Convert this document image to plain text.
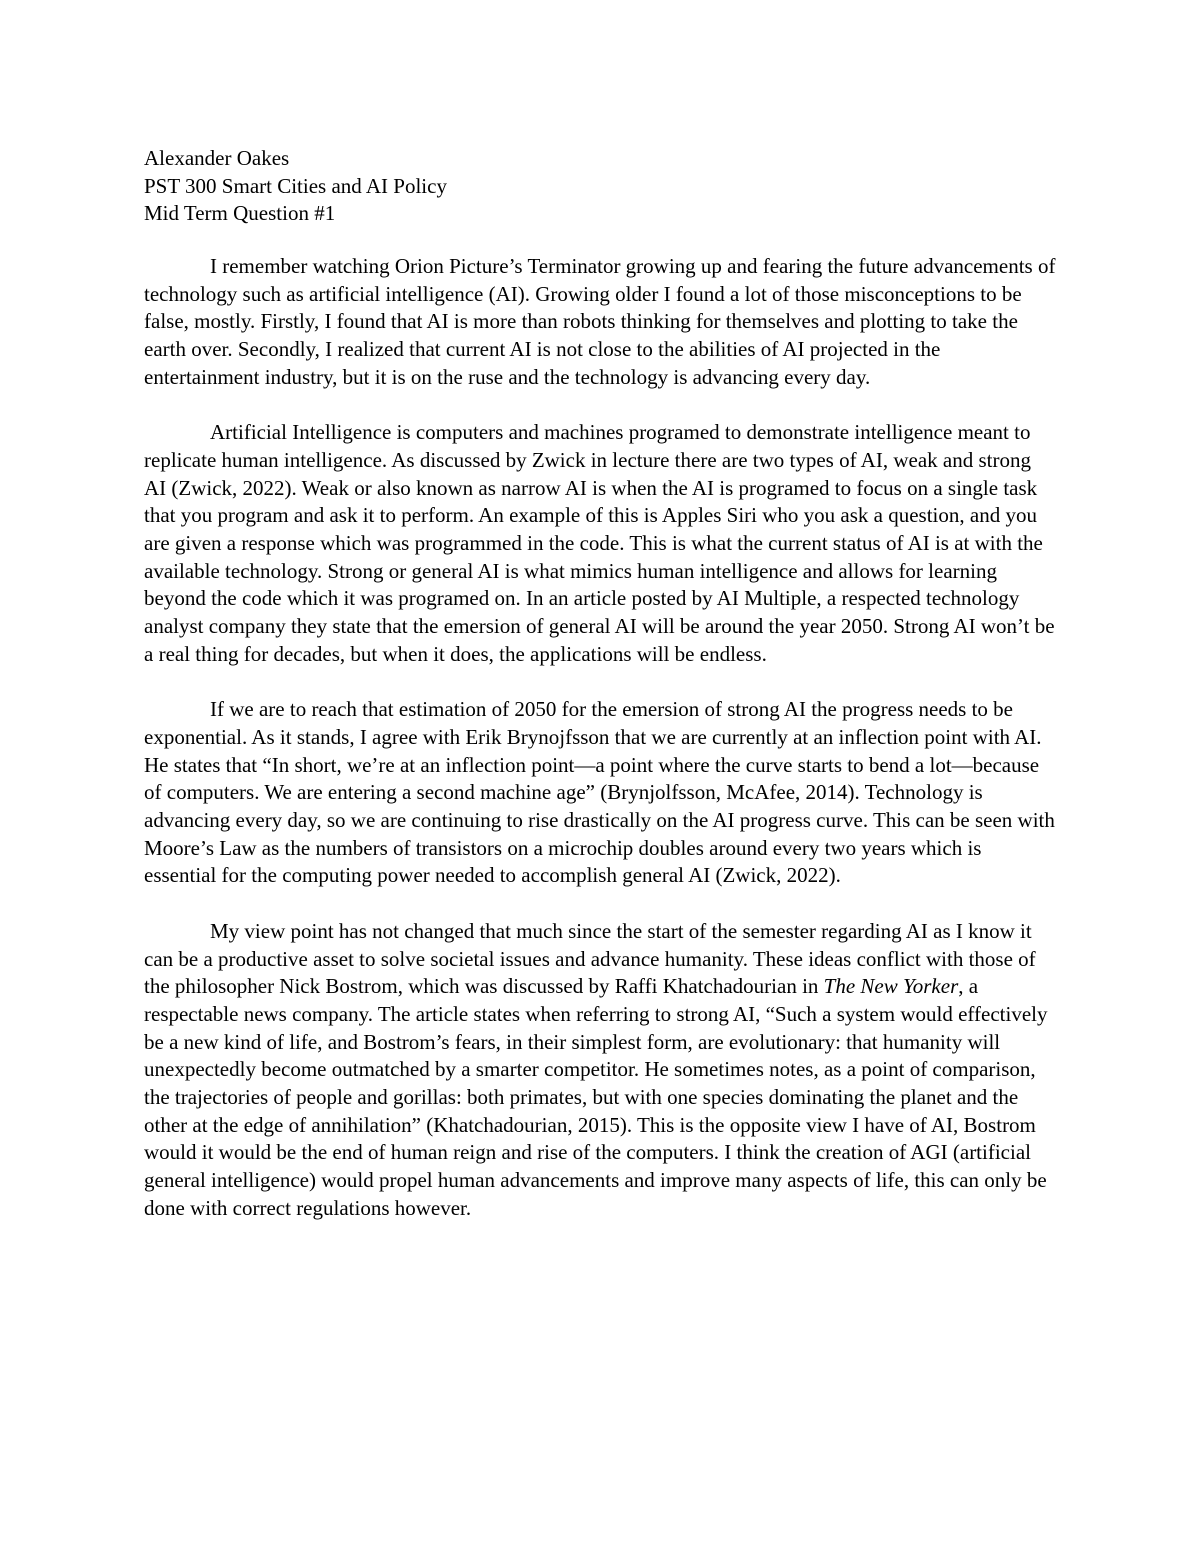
Alexander Oakes
PST 300 Smart Cities and AI Policy
Mid Term Question #1

I remember watching Orion Picture’s Terminator growing up and fearing the future advancements of technology such as artificial intelligence (AI). Growing older I found a lot of those misconceptions to be false, mostly. Firstly, I found that AI is more than robots thinking for themselves and plotting to take the earth over. Secondly, I realized that current AI is not close to the abilities of AI projected in the entertainment industry, but it is on the ruse and the technology is advancing every day.

Artificial Intelligence is computers and machines programed to demonstrate intelligence meant to replicate human intelligence. As discussed by Zwick in lecture there are two types of AI, weak and strong AI (Zwick, 2022). Weak or also known as narrow AI is when the AI is programed to focus on a single task that you program and ask it to perform. An example of this is Apples Siri who you ask a question, and you are given a response which was programmed in the code. This is what the current status of AI is at with the available technology. Strong or general AI is what mimics human intelligence and allows for learning beyond the code which it was programed on. In an article posted by AI Multiple, a respected technology analyst company they state that the emersion of general AI will be around the year 2050. Strong AI won’t be a real thing for decades, but when it does, the applications will be endless.

If we are to reach that estimation of 2050 for the emersion of strong AI the progress needs to be exponential. As it stands, I agree with Erik Brynojfsson that we are currently at an inflection point with AI. He states that “In short, we’re at an inflection point—a point where the curve starts to bend a lot—because of computers. We are entering a second machine age” (Brynjolfsson, McAfee, 2014). Technology is advancing every day, so we are continuing to rise drastically on the AI progress curve. This can be seen with Moore’s Law as the numbers of transistors on a microchip doubles around every two years which is essential for the computing power needed to accomplish general AI (Zwick, 2022).

My view point has not changed that much since the start of the semester regarding AI as I know it can be a productive asset to solve societal issues and advance humanity. These ideas conflict with those of the philosopher Nick Bostrom, which was discussed by Raffi Khatchadourian in The New Yorker, a respectable news company. The article states when referring to strong AI, “Such a system would effectively be a new kind of life, and Bostrom’s fears, in their simplest form, are evolutionary: that humanity will unexpectedly become outmatched by a smarter competitor. He sometimes notes, as a point of comparison, the trajectories of people and gorillas: both primates, but with one species dominating the planet and the other at the edge of annihilation” (Khatchadourian, 2015). This is the opposite view I have of AI, Bostrom would it would be the end of human reign and rise of the computers. I think the creation of AGI (artificial general intelligence) would propel human advancements and improve many aspects of life, this can only be done with correct regulations however.
